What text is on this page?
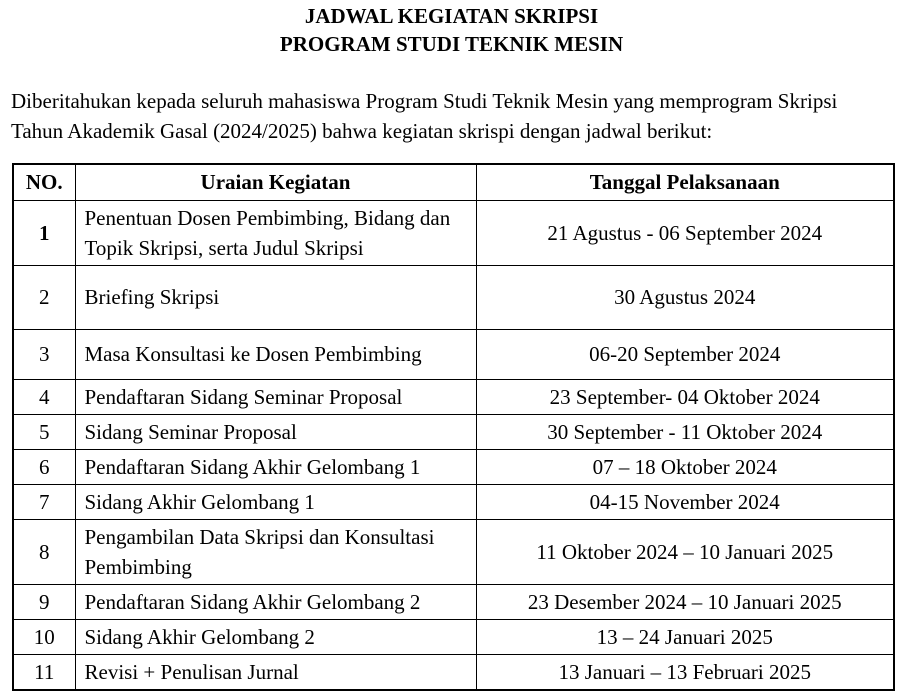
JADWAL KEGIATAN SKRIPSI
PROGRAM STUDI TEKNIK MESIN

Diberitahukan kepada seluruh mahasiswa Program Studi Teknik Mesin yang memprogram Skripsi Tahun Akademik Gasal (2024/2025) bahwa kegiatan skrispi dengan jadwal berikut:

NO.	Uraian Kegiatan	Tanggal Pelaksanaan
1	Penentuan Dosen Pembimbing, Bidang dan Topik Skripsi, serta Judul Skripsi	21 Agustus - 06 September 2024
2	Briefing Skripsi	30 Agustus 2024
3	Masa Konsultasi ke Dosen Pembimbing	06-20 September 2024
4	Pendaftaran Sidang Seminar Proposal	23 September- 04 Oktober 2024
5	Sidang Seminar Proposal	30 September - 11 Oktober 2024
6	Pendaftaran Sidang Akhir Gelombang 1	07 – 18 Oktober 2024
7	Sidang Akhir Gelombang 1	04-15 November 2024
8	Pengambilan Data Skripsi dan Konsultasi Pembimbing	11 Oktober 2024 – 10 Januari 2025
9	Pendaftaran Sidang Akhir Gelombang 2	23 Desember 2024 – 10 Januari 2025
10	Sidang Akhir Gelombang 2	13 – 24 Januari 2025
11	Revisi + Penulisan Jurnal	13 Januari – 13 Februari 2025
